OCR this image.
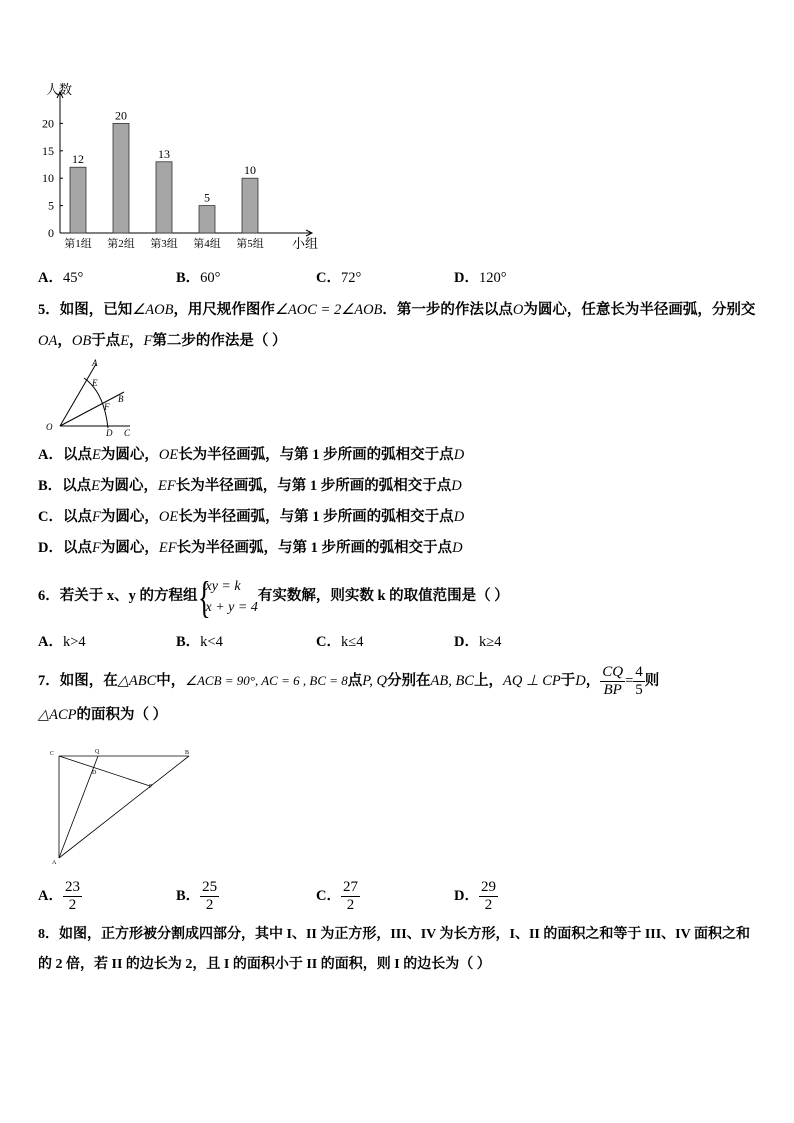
0
5
10
15
20
12
第1组
20
第2组
13
第3组
5
第4组
10
第5组
人数
小组
A．45°	B．60°	C．72°	D．120°
5．如图，已知∠AOB，用尺规作图作∠AOC = 2∠AOB．第一步的作法以点O为圆心，任意长为半径画弧，分别交
OA，OB于点E，F第二步的作法是（ ）
A
E
B
F
O
D C
A．以点E为圆心，OE长为半径画弧，与第 1 步所画的弧相交于点D
B．以点E为圆心，EF长为半径画弧，与第 1 步所画的弧相交于点D
C．以点F为圆心，OE长为半径画弧，与第 1 步所画的弧相交于点D
D．以点F为圆心，EF长为半径画弧，与第 1 步所画的弧相交于点D
6．若关于 x、y 的方程组 {
xy = k
x + y = 4
有实数解，则实数 k 的取值范围是（ ）
A．k>4	B．k<4	C．k≤4	D．k≥4
7．如图，在△ABC中，∠ACB = 90°, AC = 6 , BC = 8点P, Q分别在AB, BC上，AQ ⊥ CP于D， $\frac{CQ}{BP} = \frac{4}{5}$ 则
△ACP的面积为（ ）
C	Q	B
D
P
A
A． $\frac{23}{2}$	B． $\frac{25}{2}$	C． $\frac{27}{2}$	D． $\frac{29}{2}$
8．如图，正方形被分割成四部分，其中 I、II 为正方形，III、IV 为长方形，I、II 的面积之和等于 III、IV 面积之和
的 2 倍，若 II 的边长为 2，且 I 的面积小于 II 的面积，则 I 的边长为（ ）
